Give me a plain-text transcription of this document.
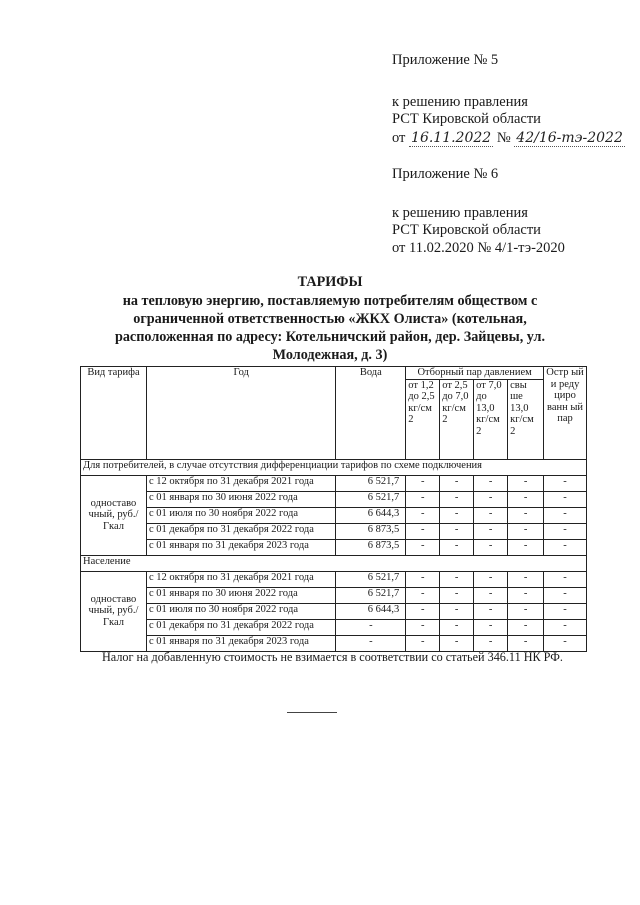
Приложение № 5
к решению правления
РСТ Кировской области
от 16.11.2022 № 42/16-тэ-2022
Приложение № 6
к решению правления
РСТ Кировской области
от 11.02.2020 № 4/1-тэ-2020
ТАРИФЫ
на тепловую энергию, поставляемую потребителям обществом с
ограниченной ответственностью «ЖКХ Олиста» (котельная,
расположенная по адресу: Котельничский район, дер. Зайцевы, ул.
Молодежная, д. 3)
Вид тарифа	Год	Вода	Отборный пар давлением				Остр ый и реду циро ванн ый пар
			от 1,2 до 2,5 кг/см 2	от 2,5 до 7,0 кг/см 2	от 7,0 до 13,0 кг/см 2	свы ше 13,0 кг/см 2	
Для потребителей, в случае отсутствия дифференциации тарифов по схеме подключения							
одноставо чный, руб./Гкал	с 12 октября по 31 декабря 2021 года	6 521,7	-	-	-	-	-
	с 01 января по 30 июня 2022 года	6 521,7	-	-	-	-	-
	с 01 июля по 30 ноября 2022 года	6 644,3	-	-	-	-	-
	с 01 декабря по 31 декабря 2022 года	6 873,5	-	-	-	-	-
	с 01 января по 31 декабря 2023 года	6 873,5	-	-	-	-	-
Население							
одноставо чный, руб./Гкал	с 12 октября по 31 декабря 2021 года	6 521,7	-	-	-	-	-
	с 01 января по 30 июня 2022 года	6 521,7	-	-	-	-	-
	с 01 июля по 30 ноября 2022 года	6 644,3	-	-	-	-	-
	с 01 декабря по 31 декабря 2022 года	-	-	-	-	-	-
	с 01 января по 31 декабря 2023 года	-	-	-	-	-	-
Налог на добавленную стоимость не взимается в соответствии со статьей 346.11 НК РФ.
